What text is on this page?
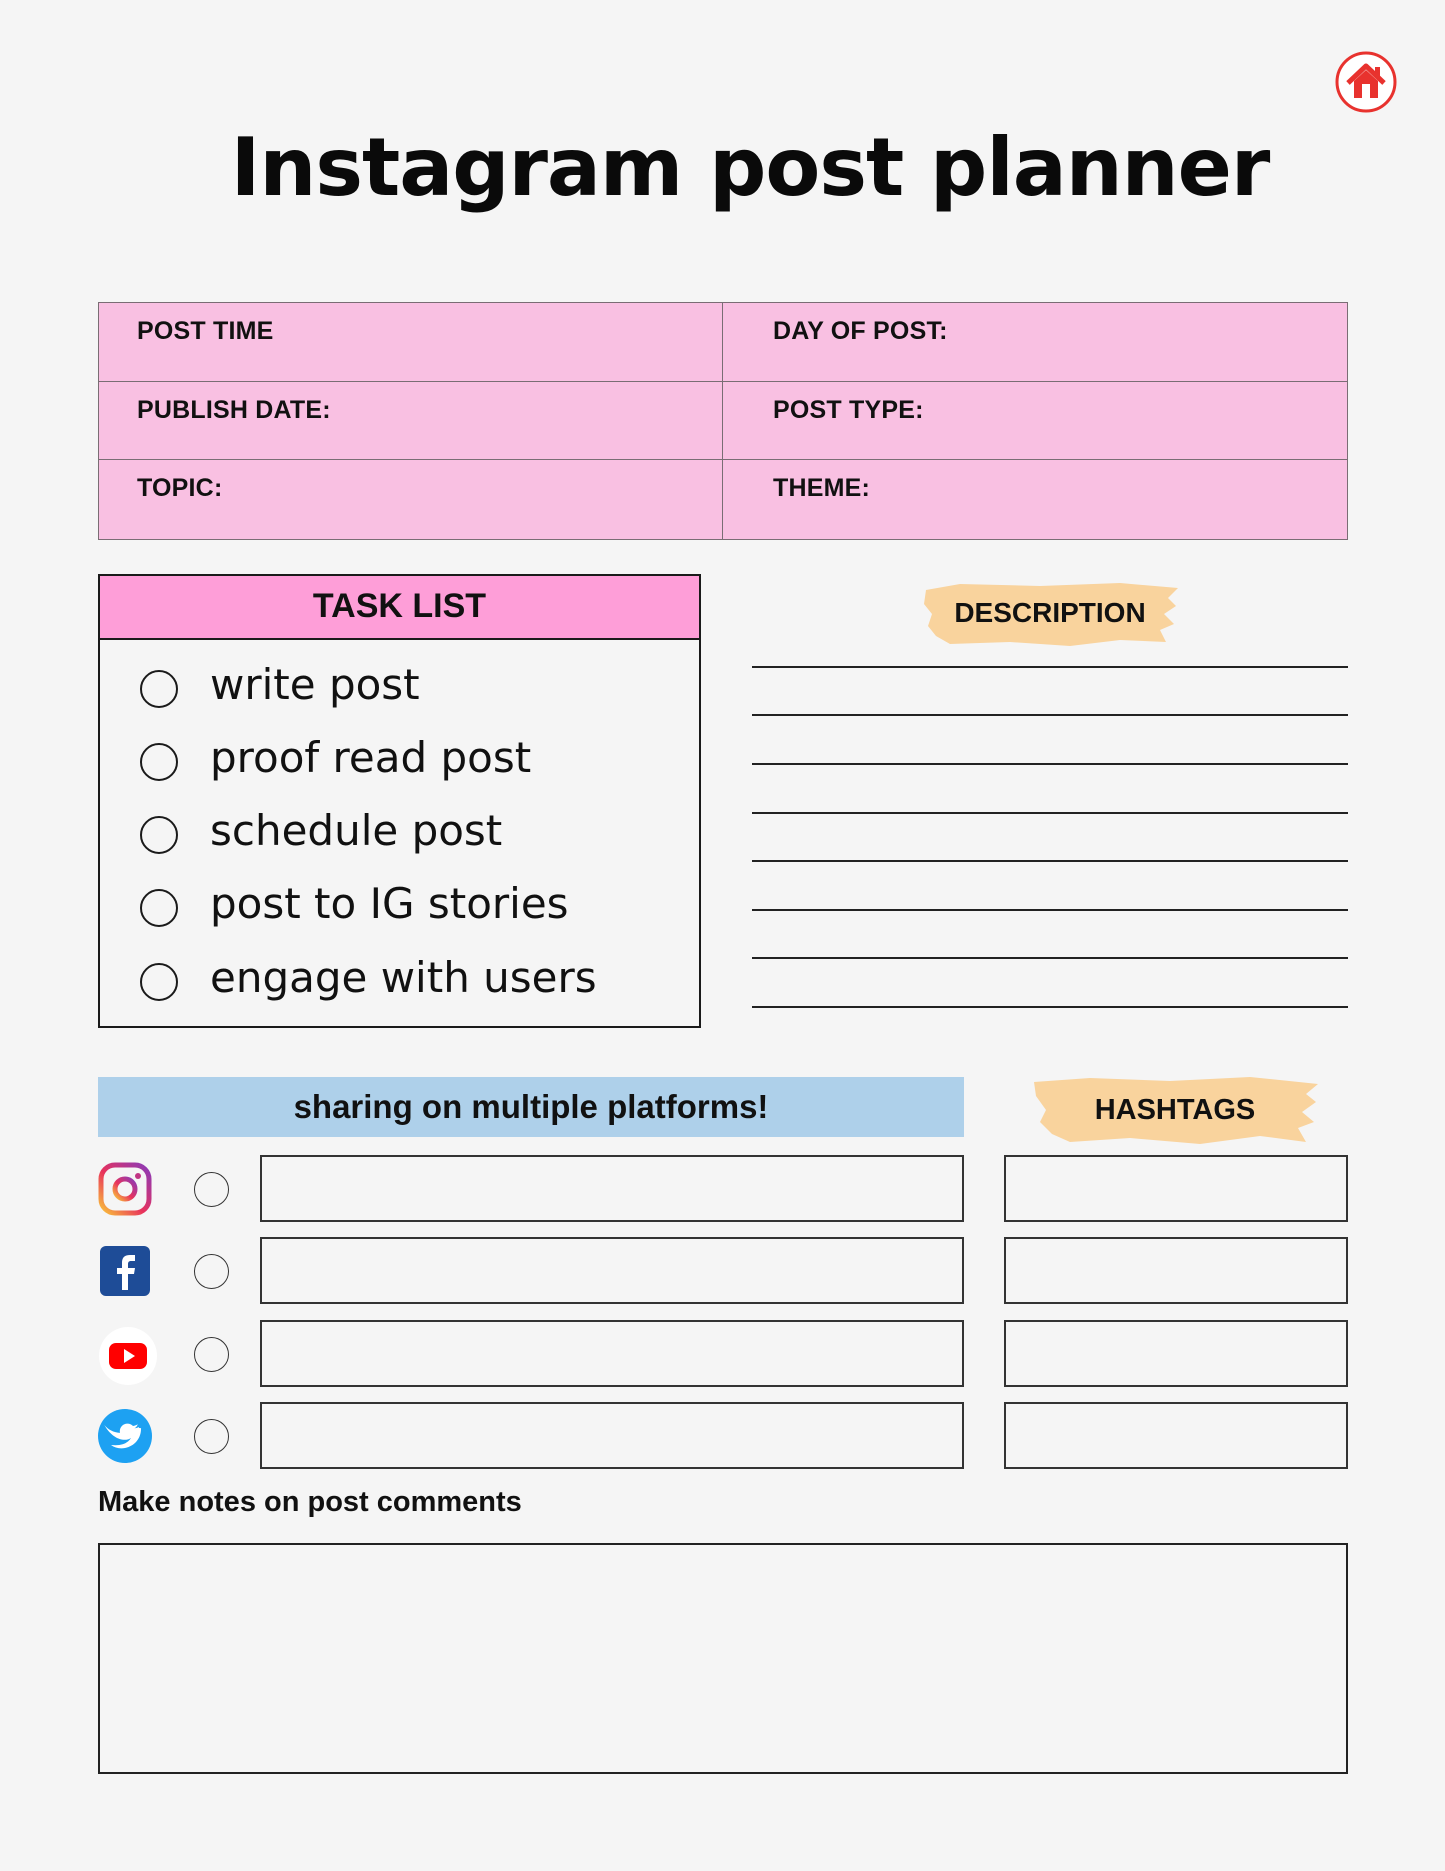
Instagram post planner
POST TIME	DAY OF POST:
PUBLISH DATE:	POST TYPE:
TOPIC:	THEME:
TASK LIST
write post
proof read post
schedule post
post to IG stories
engage with users
DESCRIPTION
sharing on multiple platforms!	HASHTAGS
Make notes on post comments
